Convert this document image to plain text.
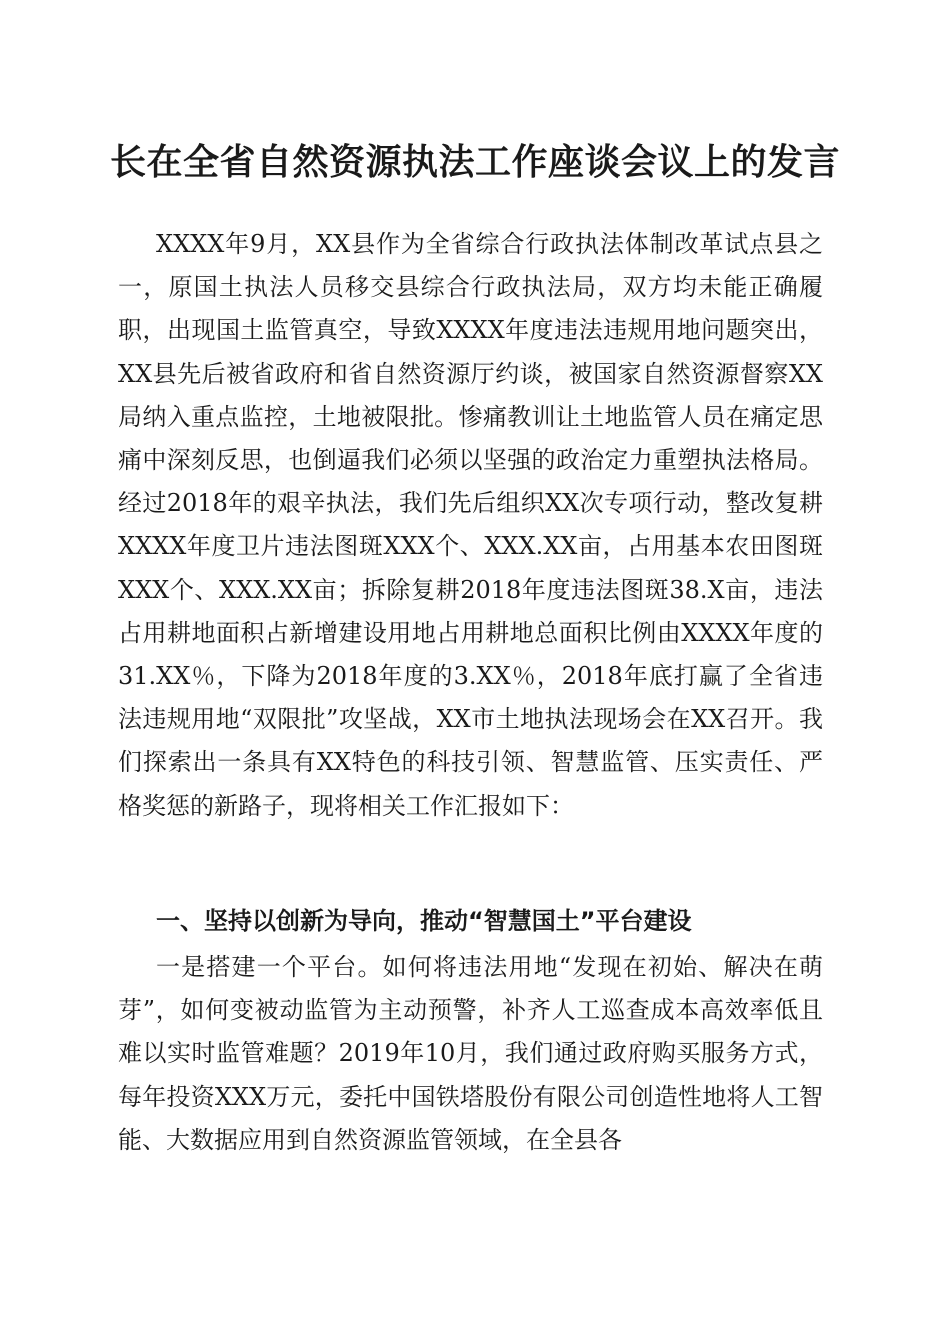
长在全省自然资源执法工作座谈会议上的发言

XXXX年9月，XX县作为全省综合行政执法体制改革试点县之一，原国土执法人员移交县综合行政执法局，双方均未能正确履职，出现国土监管真空，导致XXXX年度违法违规用地问题突出，XX县先后被省政府和省自然资源厅约谈，被国家自然资源督察XX局纳入重点监控，土地被限批。惨痛教训让土地监管人员在痛定思痛中深刻反思，也倒逼我们必须以坚强的政治定力重塑执法格局。经过2018年的艰辛执法，我们先后组织XX次专项行动，整改复耕XXXX年度卫片违法图斑XXX个、XXX.XX亩，占用基本农田图斑XXX个、XXX.XX亩；拆除复耕2018年度违法图斑38.X亩，违法占用耕地面积占新增建设用地占用耕地总面积比例由XXXX年度的31.XX％，下降为2018年度的3.XX％，2018年底打赢了全省违法违规用地“双限批”攻坚战，XX市土地执法现场会在XX召开。我们探索出一条具有XX特色的科技引领、智慧监管、压实责任、严格奖惩的新路子，现将相关工作汇报如下：

一、坚持以创新为导向，推动“智慧国土”平台建设

一是搭建一个平台。如何将违法用地“发现在初始、解决在萌芽”，如何变被动监管为主动预警，补齐人工巡查成本高效率低且难以实时监管难题？2019年10月，我们通过政府购买服务方式，每年投资XXX万元，委托中国铁塔股份有限公司创造性地将人工智能、大数据应用到自然资源监管领域，在全县各
